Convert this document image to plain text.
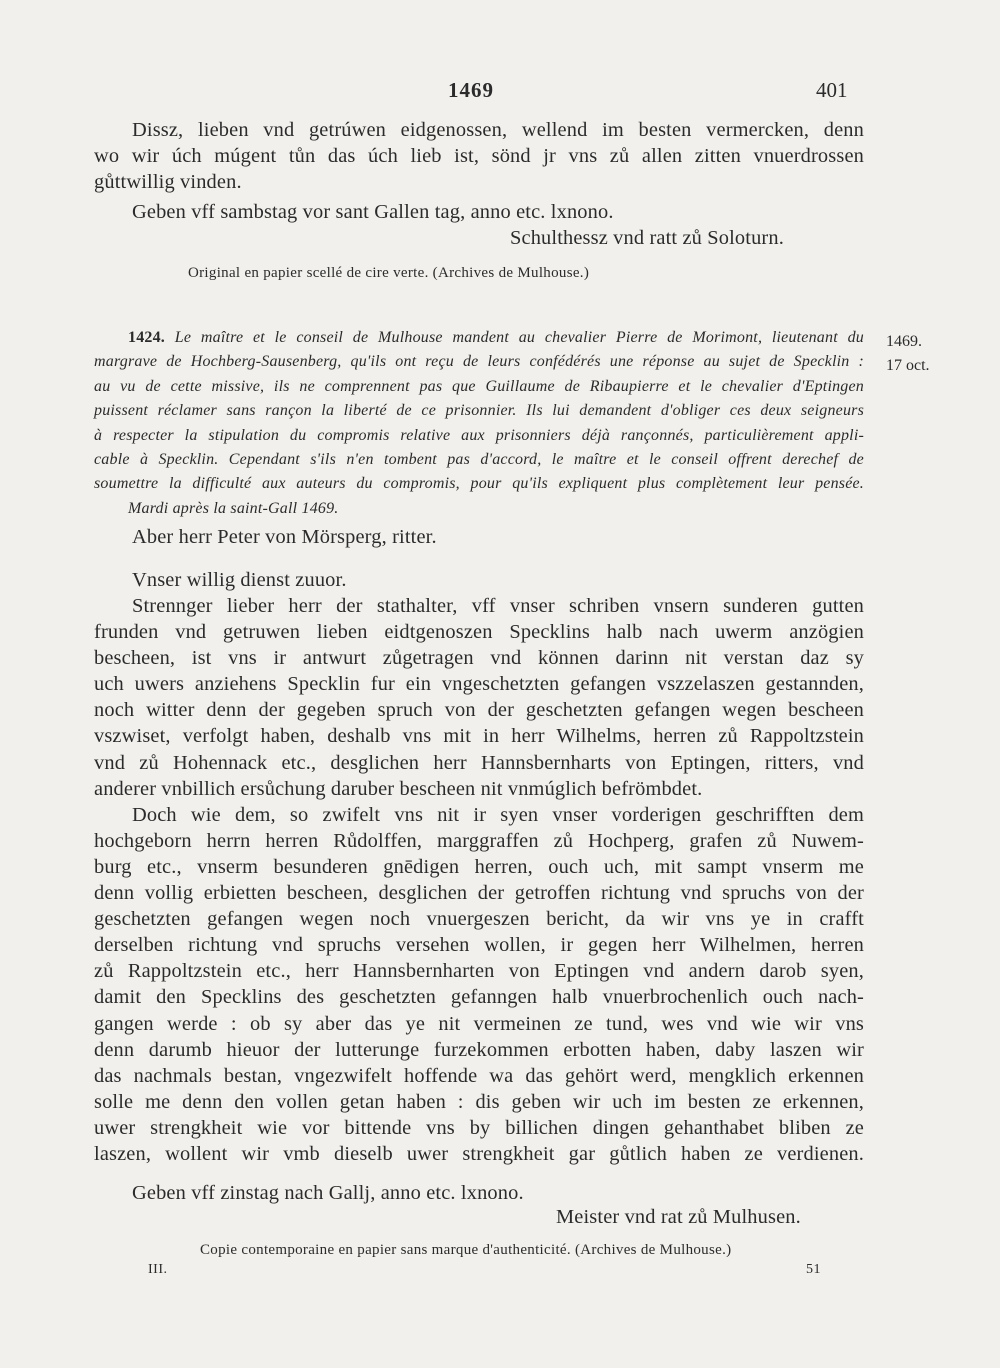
1469	401
Dissz, lieben vnd getrúwen eidgenossen, wellend im besten vermercken, denn
wo wir úch múgent tůn das úch lieb ist, sönd jr vns zů allen zitten vnuerdrossen
gůttwillig vinden.
Geben vff sambstag vor sant Gallen tag, anno etc. lxnono.
Schulthessz vnd ratt zů Soloturn.
Original en papier scellé de cire verte. (Archives de Mulhouse.)
1424. Le maître et le conseil de Mulhouse mandent au chevalier Pierre de Morimont, lieutenant du
margrave de Hochberg-Sausenberg, qu'ils ont reçu de leurs confédérés une réponse au sujet de Specklin :
au vu de cette missive, ils ne comprennent pas que Guillaume de Ribaupierre et le chevalier d'Eptingen
puissent réclamer sans rançon la liberté de ce prisonnier. Ils lui demandent d'obliger ces deux seigneurs
à respecter la stipulation du compromis relative aux prisonniers déjà rançonnés, particulièrement appli-
cable à Specklin. Cependant s'ils n'en tombent pas d'accord, le maître et le conseil offrent derechef de
soumettre la difficulté aux auteurs du compromis, pour qu'ils expliquent plus complètement leur pensée.
Mardi après la saint-Gall 1469.
1469.
17 oct.
Aber herr Peter von Mörsperg, ritter.
Vnser willig dienst zuuor.
Strennger lieber herr der stathalter, vff vnser schriben vnsern sunderen gutten
frunden vnd getruwen lieben eidtgenoszen Specklins halb nach uwerm anzögien
bescheen, ist vns ir antwurt zůgetragen vnd können darinn nit verstan daz sy
uch uwers anziehens Specklin fur ein vngeschetzten gefangen vszzelaszen gestannden,
noch witter denn der gegeben spruch von der geschetzten gefangen wegen bescheen
vszwiset, verfolgt haben, deshalb vns mit in herr Wilhelms, herren zů Rappoltzstein
vnd zů Hohennack etc., desglichen herr Hannsbernharts von Eptingen, ritters, vnd
anderer vnbillich ersůchung daruber bescheen nit vnmúglich befrömbdet.
Doch wie dem, so zwifelt vns nit ir syen vnser vorderigen geschrifften dem
hochgeborn herrn herren Růdolffen, marggraffen zů Hochperg, grafen zů Nuwem-
burg etc., vnserm besunderen gnēdigen herren, ouch uch, mit sampt vnserm me
denn vollig erbietten bescheen, desglichen der getroffen richtung vnd spruchs von der
geschetzten gefangen wegen noch vnuergeszen bericht, da wir vns ye in crafft
derselben richtung vnd spruchs versehen wollen, ir gegen herr Wilhelmen, herren
zů Rappoltzstein etc., herr Hannsbernharten von Eptingen vnd andern darob syen,
damit den Specklins des geschetzten gefanngen halb vnuerbrochenlich ouch nach-
gangen werde : ob sy aber das ye nit vermeinen ze tund, wes vnd wie wir vns
denn darumb hieuor der lutterunge furzekommen erbotten haben, daby laszen wir
das nachmals bestan, vngezwifelt hoffende wa das gehört werd, mengklich erkennen
solle me denn den vollen getan haben : dis geben wir uch im besten ze erkennen,
uwer strengkheit wie vor bittende vns by billichen dingen gehanthabet bliben ze
laszen, wollent wir vmb dieselb uwer strengkheit gar gůtlich haben ze verdienen.
Geben vff zinstag nach Gallj, anno etc. lxnono.
Meister vnd rat zů Mulhusen.
Copie contemporaine en papier sans marque d'authenticité. (Archives de Mulhouse.)
III.	51
